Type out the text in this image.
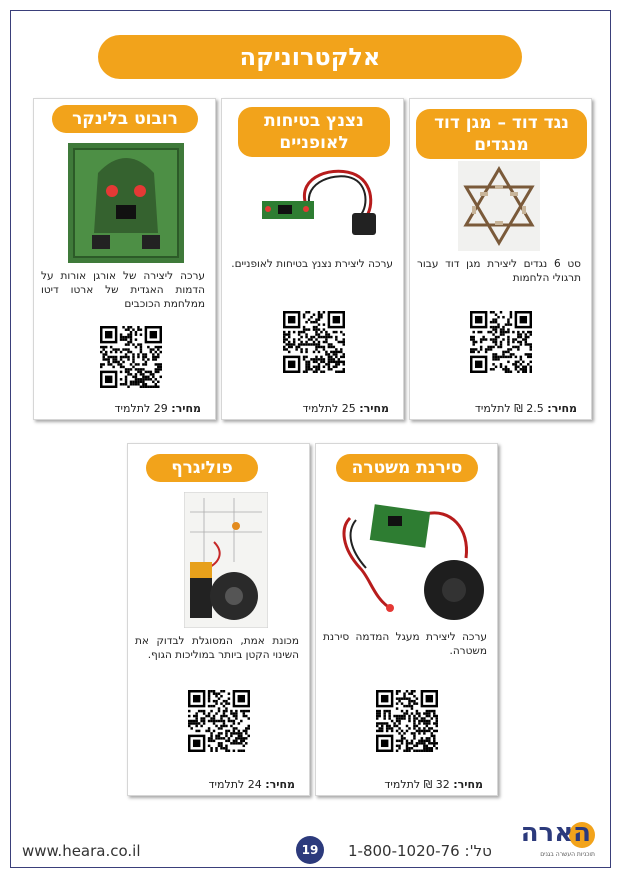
אלקטרוניקה
נגד דוד – מגן דוד מנגדים
סט 6 נגדים ליצירת מגן דוד עבור תרגולי הלחמות
מחיר: 2.5 ₪ לתלמיד
נצנץ בטיחות לאופניים
ערכה ליצירת נצנץ בטיחות לאופניים.
מחיר: 25 לתלמיד
רובוט בלינקר
ערכה ליצירה של אורגן אורות על הדמות האגדית של ארטו דיטו ממלחמת הכוכבים
מחיר: 29 לתלמיד
סירנת משטרה
ערכה ליצירת מעגל המדמה סירנת משטרה.
מחיר: 32 ₪ לתלמיד
פוליגרף
מכונת אמת, המסוגלת לבדוק את השינוי הקטן ביותר במוליכות הגוף.
מחיר: 24 לתלמיד
www.heara.co.il	19	טל': 1-800-1020-76
הארה
תוכניות העשרה בגנים
